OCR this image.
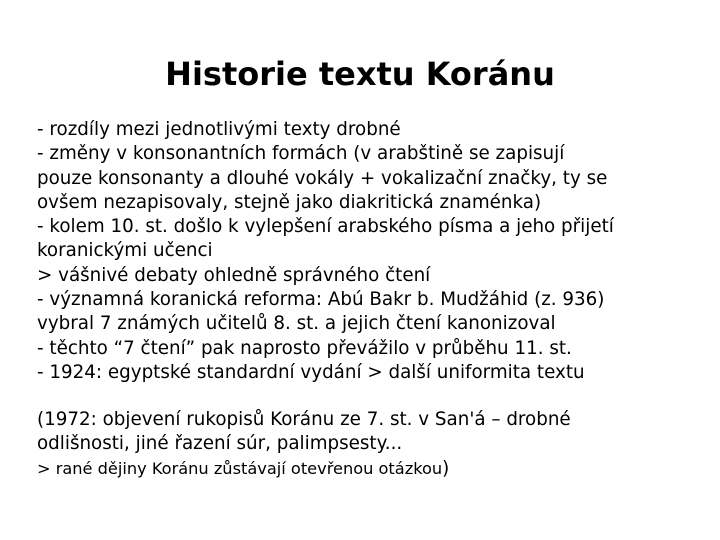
Historie textu Koránu
- rozdíly mezi jednotlivými texty drobné
- změny v konsonantních formách (v arabštině se zapisují
pouze konsonanty a dlouhé vokály + vokalizační značky, ty se
ovšem nezapisovaly, stejně jako diakritická znaménka)
- kolem 10. st. došlo k vylepšení arabského písma a jeho přijetí
koranickými učenci
> vášnivé debaty ohledně správného čtení
- významná koranická reforma: Abú Bakr b. Mudžáhid (z. 936)
vybral 7 známých učitelů 8. st. a jejich čtení kanonizoval
- těchto “7 čtení” pak naprosto převážilo v průběhu 11. st.
- 1924: egyptské standardní vydání > další uniformita textu
(1972: objevení rukopisů Koránu ze 7. st. v San'á – drobné
odlišnosti, jiné řazení súr, palimpsesty...
> rané dějiny Koránu zůstávají otevřenou otázkou)
